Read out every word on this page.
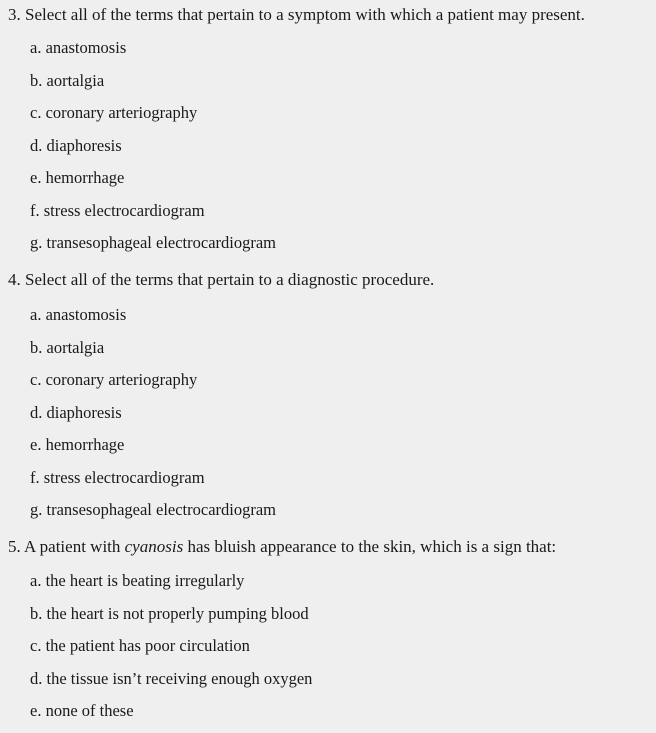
3. Select all of the terms that pertain to a symptom with which a patient may present.
a. anastomosis
b. aortalgia
c. coronary arteriography
d. diaphoresis
e. hemorrhage
f. stress electrocardiogram
g. transesophageal electrocardiogram
4. Select all of the terms that pertain to a diagnostic procedure.
a. anastomosis
b. aortalgia
c. coronary arteriography
d. diaphoresis
e. hemorrhage
f. stress electrocardiogram
g. transesophageal electrocardiogram
5. A patient with cyanosis has bluish appearance to the skin, which is a sign that:
a. the heart is beating irregularly
b. the heart is not properly pumping blood
c. the patient has poor circulation
d. the tissue isn’t receiving enough oxygen
e. none of these
